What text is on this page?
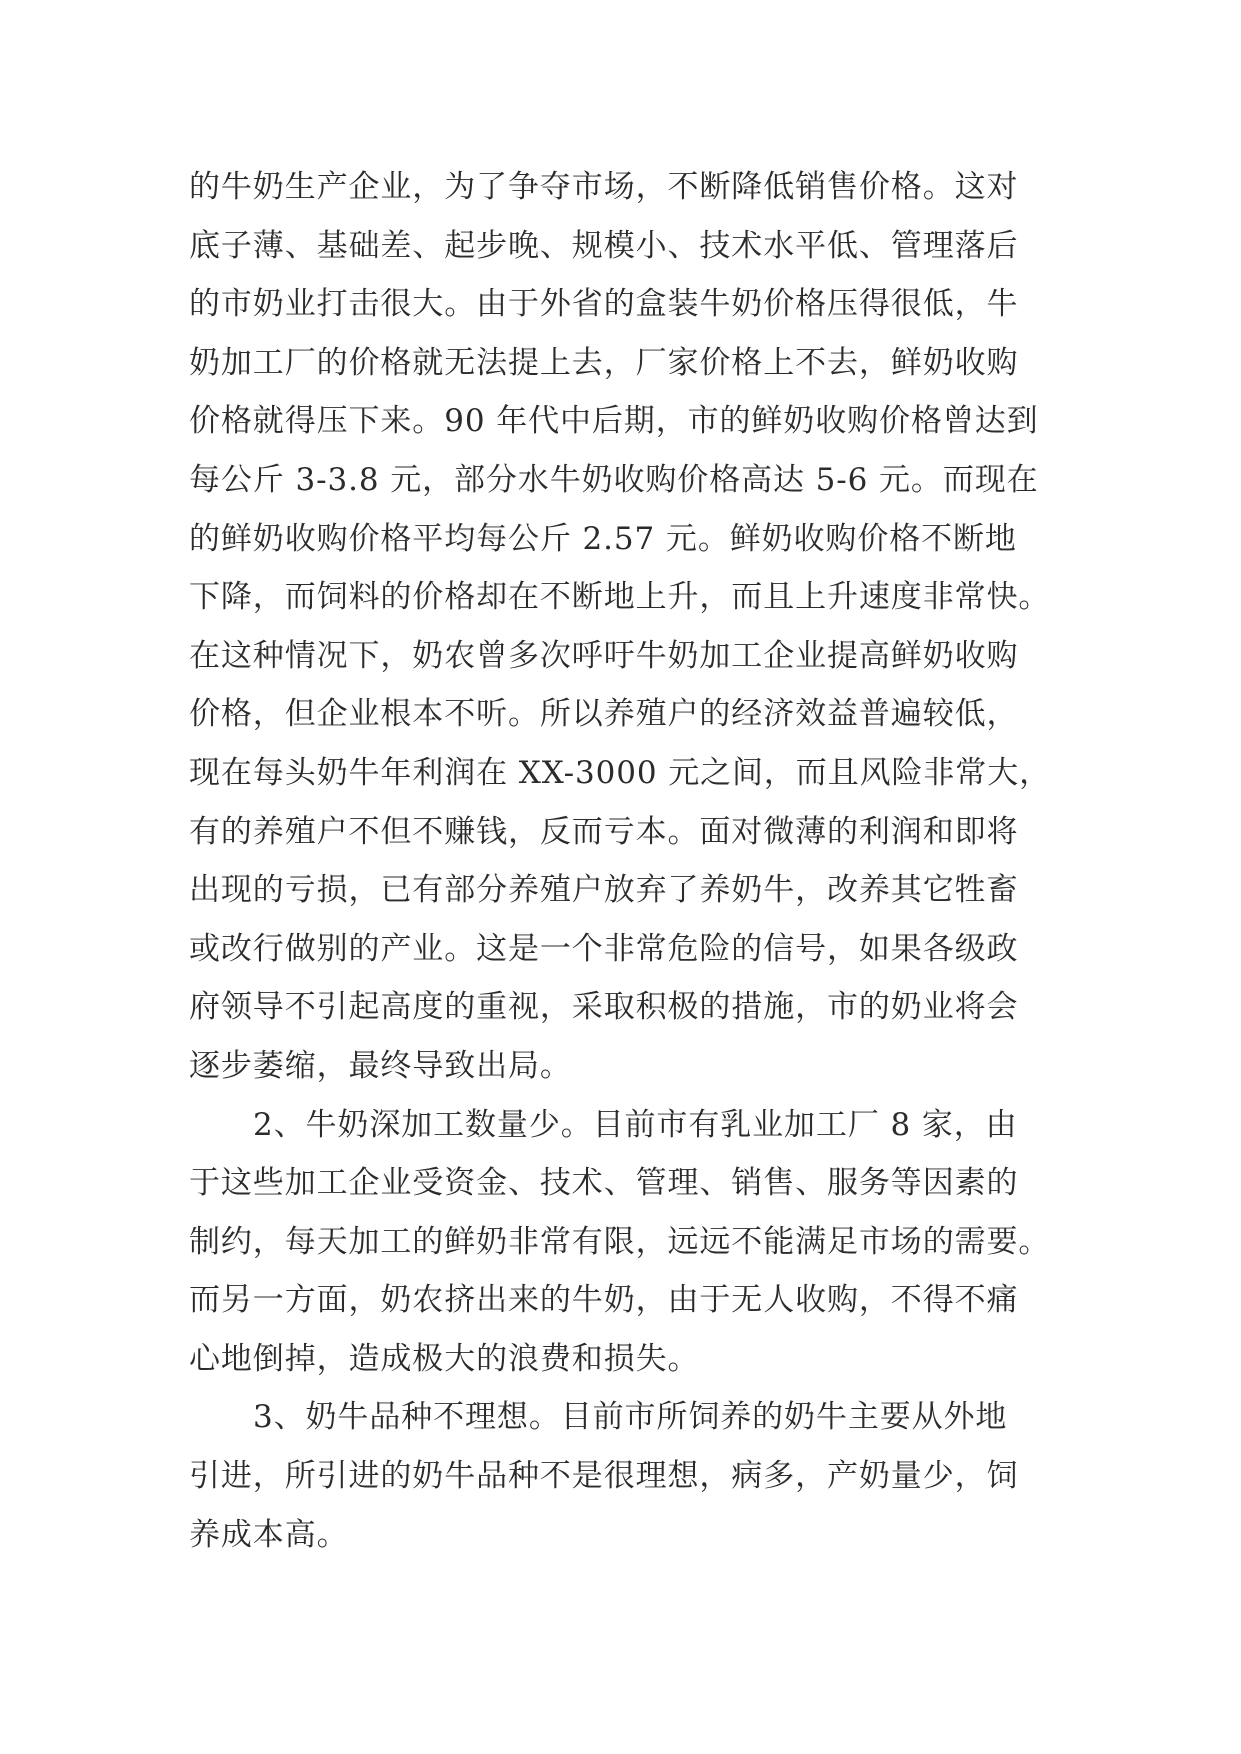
的牛奶生产企业，为了争夺市场，不断降低销售价格。这对
底子薄、基础差、起步晚、规模小、技术水平低、管理落后
的市奶业打击很大。由于外省的盒装牛奶价格压得很低，牛
奶加工厂的价格就无法提上去，厂家价格上不去，鲜奶收购
价格就得压下来。90 年代中后期，市的鲜奶收购价格曾达到
每公斤 3-3.8 元，部分水牛奶收购价格高达 5-6 元。而现在
的鲜奶收购价格平均每公斤 2.57 元。鲜奶收购价格不断地
下降，而饲料的价格却在不断地上升，而且上升速度非常快。
在这种情况下，奶农曾多次呼吁牛奶加工企业提高鲜奶收购
价格，但企业根本不听。所以养殖户的经济效益普遍较低，
现在每头奶牛年利润在 XX-3000 元之间，而且风险非常大，
有的养殖户不但不赚钱，反而亏本。面对微薄的利润和即将
出现的亏损，已有部分养殖户放弃了养奶牛，改养其它牲畜
或改行做别的产业。这是一个非常危险的信号，如果各级政
府领导不引起高度的重视，采取积极的措施，市的奶业将会
逐步萎缩，最终导致出局。
2、牛奶深加工数量少。目前市有乳业加工厂 8 家，由
于这些加工企业受资金、技术、管理、销售、服务等因素的
制约，每天加工的鲜奶非常有限，远远不能满足市场的需要。
而另一方面，奶农挤出来的牛奶，由于无人收购，不得不痛
心地倒掉，造成极大的浪费和损失。
3、奶牛品种不理想。目前市所饲养的奶牛主要从外地
引进，所引进的奶牛品种不是很理想，病多，产奶量少，饲
养成本高。
